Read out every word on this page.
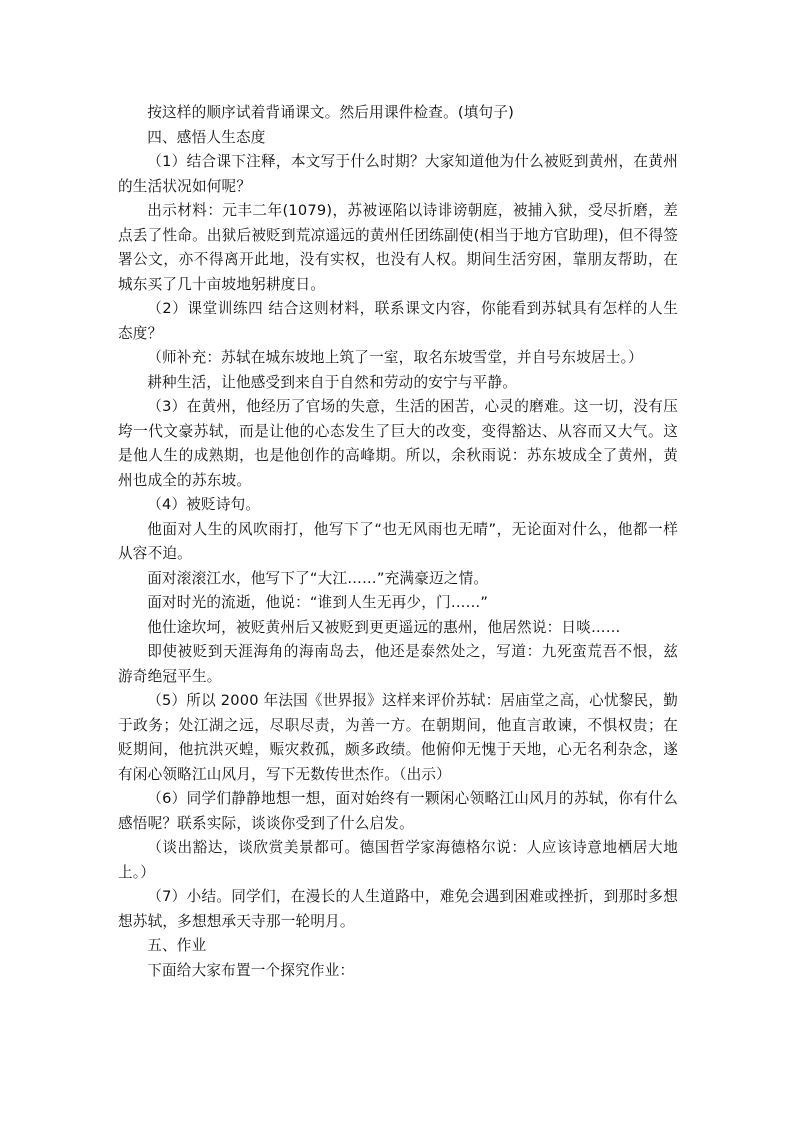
按这样的顺序试着背诵课文。然后用课件检查。(填句子)

四、感悟人生态度

（1）结合课下注释，本文写于什么时期？大家知道他为什么被贬到黄州，在黄州的生活状况如何呢？

出示材料：元丰二年(1079)，苏被诬陷以诗诽谤朝庭，被捕入狱，受尽折磨，差点丢了性命。出狱后被贬到荒凉遥远的黄州任团练副使(相当于地方官助理)，但不得签署公文，亦不得离开此地，没有实权，也没有人权。期间生活穷困，靠朋友帮助，在城东买了几十亩坡地躬耕度日。

（2）课堂训练四 结合这则材料，联系课文内容，你能看到苏轼具有怎样的人生态度？

（师补充：苏轼在城东坡地上筑了一室，取名东坡雪堂，并自号东坡居士。）

耕种生活，让他感受到来自于自然和劳动的安宁与平静。

（3）在黄州，他经历了官场的失意，生活的困苦，心灵的磨难。这一切，没有压垮一代文豪苏轼，而是让他的心态发生了巨大的改变，变得豁达、从容而又大气。这是他人生的成熟期，也是他创作的高峰期。所以，余秋雨说：苏东坡成全了黄州，黄州也成全的苏东坡。

（4）被贬诗句。

他面对人生的风吹雨打，他写下了“也无风雨也无晴”，无论面对什么，他都一样从容不迫。

面对滚滚江水，他写下了“大江……”充满豪迈之情。

面对时光的流逝，他说：“谁到人生无再少，门……”

他仕途坎坷，被贬黄州后又被贬到更更遥远的惠州，他居然说：日啖……

即使被贬到天涯海角的海南岛去，他还是泰然处之，写道：九死蛮荒吾不恨，兹游奇绝冠平生。

（5）所以 2000 年法国《世界报》这样来评价苏轼：居庙堂之高，心忧黎民，勤于政务；处江湖之远，尽职尽责，为善一方。在朝期间，他直言敢谏，不惧权贵；在贬期间，他抗洪灭蝗，赈灾救孤，颇多政绩。他俯仰无愧于天地，心无名利杂念，遂有闲心领略江山风月，写下无数传世杰作。（出示）

（6）同学们静静地想一想，面对始终有一颗闲心领略江山风月的苏轼，你有什么感悟呢？联系实际，谈谈你受到了什么启发。

（谈出豁达，谈欣赏美景都可。德国哲学家海德格尔说：人应该诗意地栖居大地上。）

（7）小结。同学们，在漫长的人生道路中，难免会遇到困难或挫折，到那时多想想苏轼，多想想承天寺那一轮明月。

五、作业

下面给大家布置一个探究作业：
